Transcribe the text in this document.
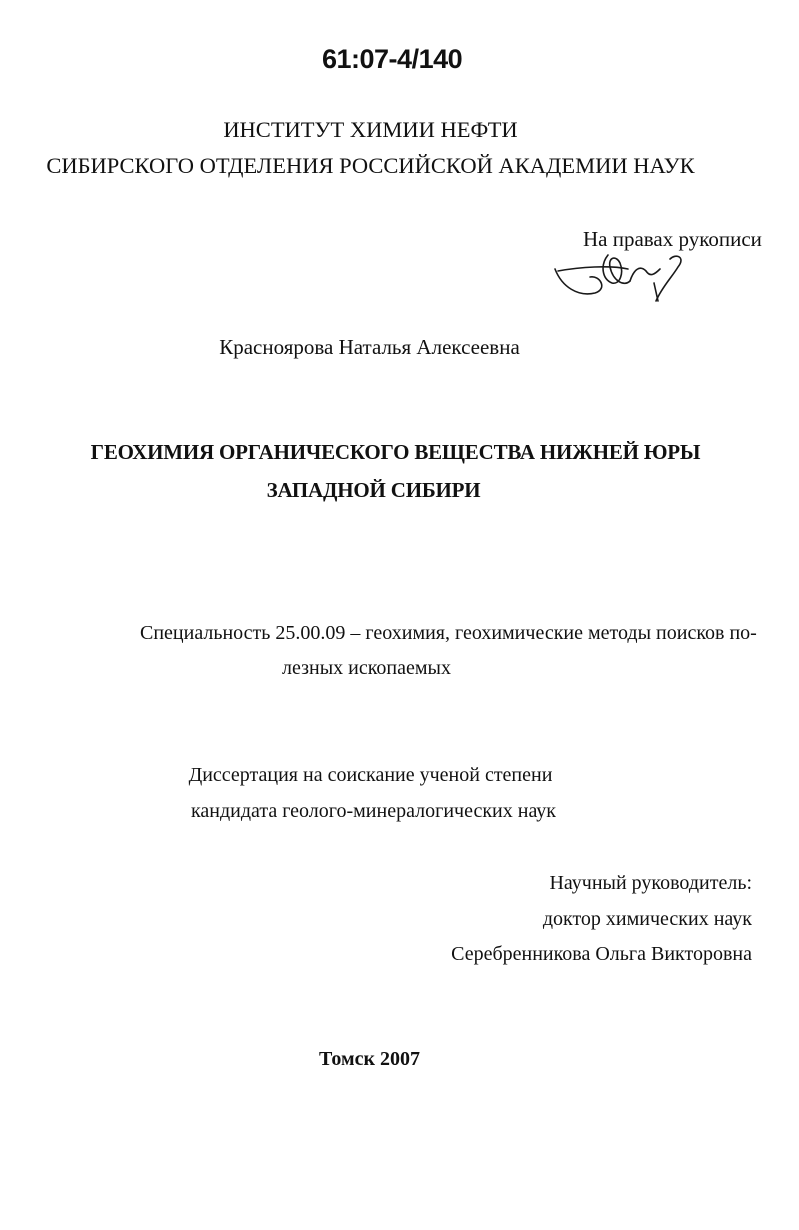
61:07-4/140
ИНСТИТУТ ХИМИИ НЕФТИ
СИБИРСКОГО ОТДЕЛЕНИЯ РОССИЙСКОЙ АКАДЕМИИ НАУК
На правах рукописи
Красноярова Наталья Алексеевна
ГЕОХИМИЯ ОРГАНИЧЕСКОГО ВЕЩЕСТВА НИЖНЕЙ ЮРЫ
ЗАПАДНОЙ СИБИРИ
Специальность 25.00.09 – геохимия, геохимические методы поисков по-
лезных ископаемых
Диссертация на соискание ученой степени
кандидата геолого-минералогических наук
Научный руководитель:
доктор химических наук
Серебренникова Ольга Викторовна
Томск 2007
